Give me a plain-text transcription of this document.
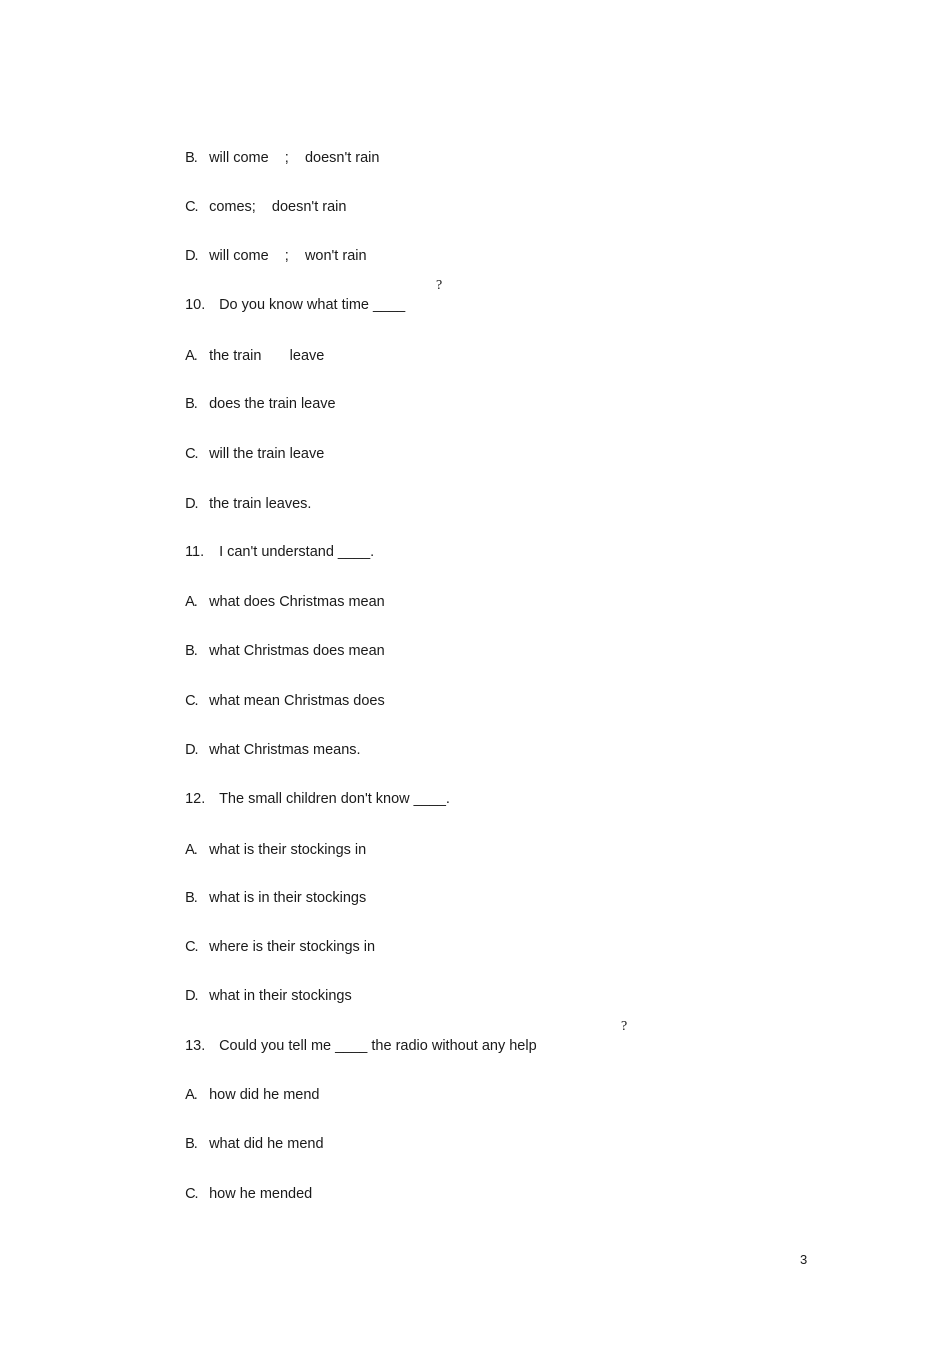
B. will come    ;    doesn't rain

C. comes;    doesn't rain

D. will come    ;    won't rain

10. Do you know what time ____

?

A. the train       leave

B. does the train leave

C. will the train leave

D. the train leaves.

11. I can't understand ____.

A. what does Christmas mean

B. what Christmas does mean

C. what mean Christmas does

D. what Christmas means.

12. The small children don't know ____.

A. what is their stockings in

B. what is in their stockings

C. where is their stockings in

D. what in their stockings

13. Could you tell me ____ the radio without any help

?

A. how did he mend

B. what did he mend

C. how he mended

3
